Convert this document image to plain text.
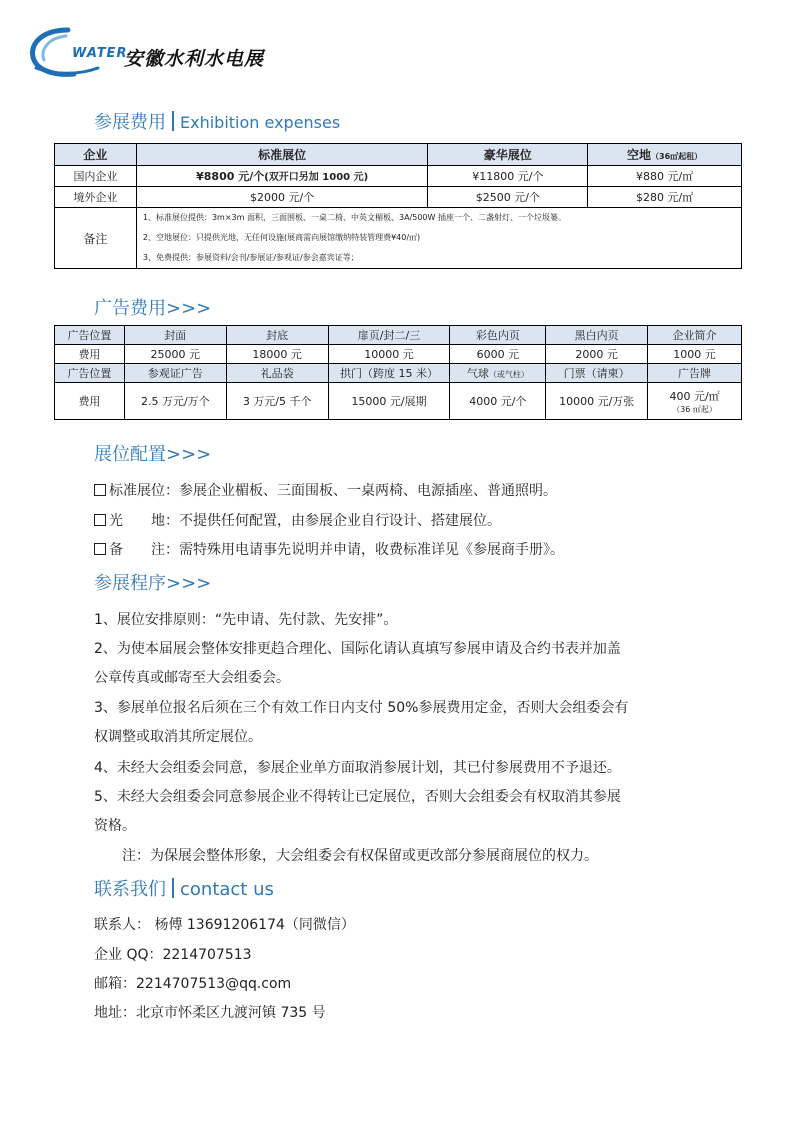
WATER
安徽水利水电展
参展费用 Exhibition expenses
企业	标准展位	豪华展位	空地（36㎡起租）
国内企业	¥8800 元/个(双开口另加 1000 元)	¥11800 元/个	¥880 元/㎡
境外企业	$2000 元/个	$2500 元/个	$280 元/㎡
备注	1、标准展位提供：3m×3m 面积，三面围板、一桌二椅、中英文楣板、3A/500W 插座一个、二盏射灯、一个垃圾篓。
2、空地展位：只提供光地，无任何设施(展商需向展馆缴纳特装管理费¥40/㎡)
3、免费提供：参展资料/会刊/参展证/参观证/参会嘉宾证等；		
广告费用>>>
广告位置	封面	封底	扉页/封二/三	彩色内页	黑白内页	企业简介
费用	25000 元	18000 元	10000 元	6000 元	2000 元	1000 元
广告位置	参观证广告	礼品袋	拱门（跨度 15 米）	气球（或气柱）	门票（请柬）	广告牌
费用	2.5 万元/万个	3 万元/5 千个	15000 元/展期	4000 元/个	10000 元/万张	400 元/㎡
（36 ㎡起）
展位配置>>>
标准展位：参展企业楣板、三面围板、一桌两椅、电源插座、普通照明。
光　　地：不提供任何配置，由参展企业自行设计、搭建展位。
备　　注：需特殊用电请事先说明并申请，收费标准详见《参展商手册》。
参展程序>>>
1、展位安排原则：“先申请、先付款、先安排”。
2、为使本届展会整体安排更趋合理化、国际化请认真填写参展申请及合约书表并加盖
公章传真或邮寄至大会组委会。
3、参展单位报名后须在三个有效工作日内支付 50%参展费用定金，否则大会组委会有
权调整或取消其所定展位。
4、未经大会组委会同意，参展企业单方面取消参展计划，其已付参展费用不予退还。
5、未经大会组委会同意参展企业不得转让已定展位，否则大会组委会有权取消其参展
资格。
注：为保展会整体形象，大会组委会有权保留或更改部分参展商展位的权力。
联系我们 contact us
联系人： 杨傅 13691206174（同微信）
企业 QQ：2214707513
邮箱：2214707513@qq.com
地址：北京市怀柔区九渡河镇 735 号
